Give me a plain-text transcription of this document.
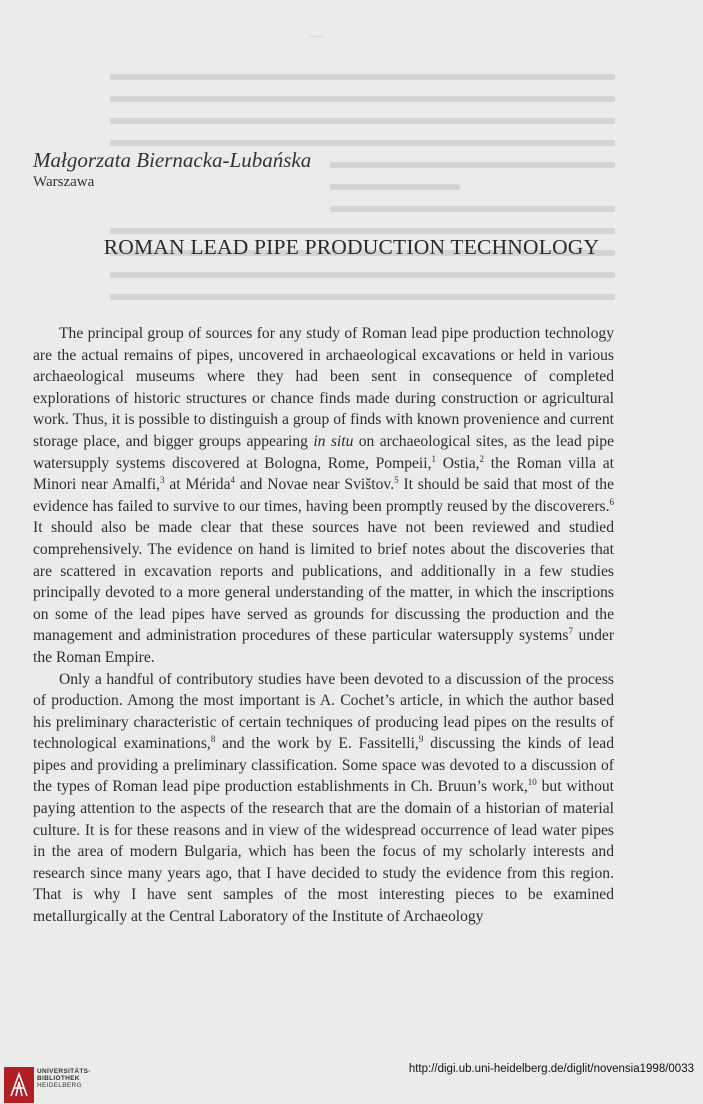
—
Małgorzata Biernacka-Lubańska
Warszawa
ROMAN LEAD PIPE PRODUCTION TECHNOLOGY

The principal group of sources for any study of Roman lead pipe production technology are the actual remains of pipes, uncovered in archaeological excavations or held in various archaeological museums where they had been sent in consequence of completed explorations of historic structures or chance finds made during construction or agricultural work. Thus, it is possible to distinguish a group of finds with known provenience and current storage place, and bigger groups appearing in situ on archaeological sites, as the lead pipe watersupply systems discovered at Bologna, Rome, Pompeii,$^1$ Ostia,$^2$ the Roman villa at Minori near Amalfi,$^3$ at Mérida$^4$ and Novae near Svištov.$^5$ It should be said that most of the evidence has failed to survive to our times, having been promptly reused by the discoverers.$^6$ It should also be made clear that these sources have not been reviewed and studied comprehensively. The evidence on hand is limited to brief notes about the discoveries that are scattered in excavation reports and publications, and additionally in a few studies principally devoted to a more general understanding of the matter, in which the inscriptions on some of the lead pipes have served as grounds for discussing the production and the management and administration procedures of these particular watersupply systems$^7$ under the Roman Empire.

Only a handful of contributory studies have been devoted to a discussion of the process of production. Among the most important is A. Cochet’s article, in which the author based his preliminary characteristic of certain techniques of producing lead pipes on the results of technological examinations,$^8$ and the work by E. Fassitelli,$^9$ discussing the kinds of lead pipes and providing a preliminary classification. Some space was devoted to a discussion of the types of Roman lead pipe production establishments in Ch. Bruun’s work,$^{10}$ but without paying attention to the aspects of the research that are the domain of a historian of material culture. It is for these reasons and in view of the widespread occurrence of lead water pipes in the area of modern Bulgaria, which has been the focus of my scholarly interests and research since many years ago, that I have decided to study the evidence from this region. That is why I have sent samples of the most interesting pieces to be examined metallurgically at the Central Laboratory of the Institute of Archaeology

UNIVERSITÄTS-
BIBLIOTHEK
HEIDELBERG
http://digi.ub.uni-heidelberg.de/diglit/novensia1998/0033
